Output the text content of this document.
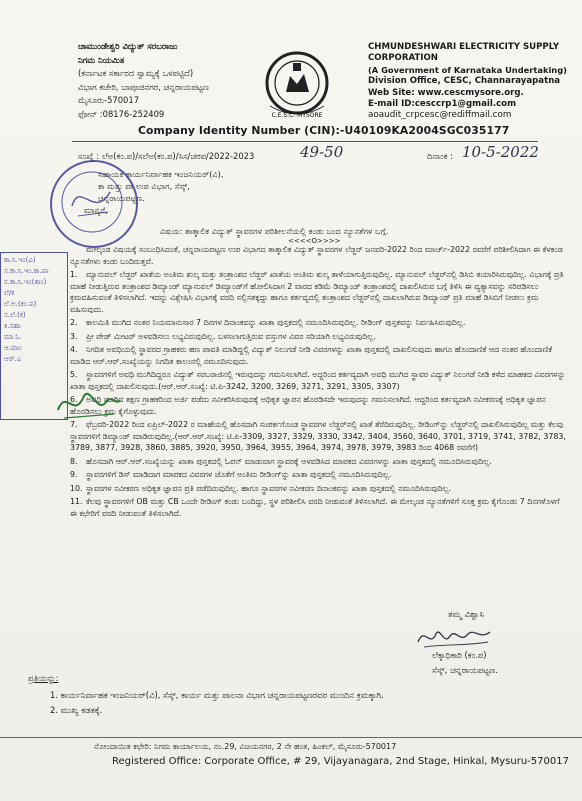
ಚಾಮುಂಡೇಶ್ವರಿ ವಿದ್ಯುತ್ ಸರಬರಾಜು
ನಿಗಮ ನಿಯಮಿತ
(ಕರ್ನಾಟಕ ಸರ್ಕಾರದ ಸ್ವಾಮ್ಯಕ್ಕೆ ಒಳಪಟ್ಟಿದೆ)
ವಿಭಾಗ ಕಚೇರಿ, ಬಾಪೂಜಿನಗರ, ಚನ್ನರಾಯಪಟ್ಟಣ
ಮೈಸೂರು-570017
ಫೋನ್ :08176-252409	C.E.S.C. MYSORE
CHMUNDESHWARI ELECTRICITY SUPPLY
CORPORATION
(A Government of Karnataka Undertaking)
Division Office, CESC, Channarayapatna
Web Site: www.cescmysore.org.
E-mail ID:cesccrp1@gmail.com
aoaudit_crpcesc@rediffmail.com
Company Identity Number (CIN):-U40109KA2004SGC035177
ಸಂಖ್ಯೆ : ಲೆಅ(ಕಂ.ಪ)/ಸಲೆಅ(ಕಂ.ಪ)/ಸಿಸ/ಚರಪ/2022-2023	49-50	ದಿನಾಂಕ : 10-5-2022
ಸಹಾಯಕ ಕಾರ್ಯನಿರ್ವಾಹಕ ಇಂಜನಿಯರ್(ವಿ),
ಕಾ ಮತ್ತು ಪಾ ಉಪ ವಿಭಾಗ, ಸೆಸ್ಕ್,
ಚನ್ನರಾಯಪಟ್ಟಣ.
ಮಾನ್ಯರೆ,
ವಿಷಯ: ತಾತ್ಕಾಲಿಕ ವಿದ್ಯುತ್ ಸ್ಥಾವರಗಳ ಪರಿಶೀಲನೆಯಲ್ಲಿ ಕಂಡು ಬಂದ ನ್ಯೂನತೆಗಳ ಬಗ್ಗೆ.
<<<<O>>>>
ಮೇಲ್ಕಂಡ ವಿಷಯಕ್ಕೆ ಸಂಬಂಧಿಸಿದಂತೆ, ಚನ್ನರಾಯಪಟ್ಟಣ ಉಪ ವಿಭಾಗದ ತಾತ್ಕಾಲಿಕ ವಿದ್ಯುತ್ ಸ್ಥಾವರಗಳ ಲೆಡ್ಜರ್ ಜನವರಿ-2022 ರಿಂದ ಮಾರ್ಚ್-2022 ರವರೆಗೆ ಪರಿಶೀಲಿಸಿದಾಗ ಈ ಕೆಳಕಂಡ ನ್ಯೂನತೆಗಳು ಕಂಡು ಬಂದಿರುತ್ತವೆ.
1. ಮ್ಯಾನುವಲ್ ಲೆಡ್ಜರ್ ಖಾತೆಯ ಅಂತಿಮ ಶುಲ್ಕ ಮತ್ತು ತಂತ್ರಾಂಶದ ಲೆಡ್ಜರ್ ಖಾತೆಯ ಅಂತಿಮ ಶುಲ್ಕ ತಾಳೆಯಾಗುತ್ತಿರುವುದಿಲ್ಲ. ಮ್ಯಾನುವಲ್ ಲೆಡ್ಜರ್‌ನಲ್ಲಿ ಡಿಸಿಬಿ ತಯಾರಿಸಿರುವುದಿಲ್ಲ. ವಿಭಾಗಕ್ಕೆ ಪ್ರತಿ ಮಾಹೆ ನೀಡುತ್ತಿರುವ ತಂತ್ರಾಂಶದ ಡಿಮ್ಯಾಂಡ್ ಮ್ಯಾನುವಲ್ ಡಿಮ್ಯಾಂಡ್‌ಗೆ ಹೋಲಿಸಿದಾಗ 2 ವಾರದ ಕಡಿಮೆ ಡಿಮ್ಯಾಂಡ್ ತಂತ್ರಾಂಶದಲ್ಲಿ ದಾಖಲಿಸಿರುವ ಬಗ್ಗೆ ತಿಳಿಸಿ ಈ ವ್ಯತ್ಯಾಸವನ್ನು ಸರಿಪಡಿಸಲು ಕ್ರಮವಹಿಸುವಂತೆ ತಿಳಿಸಲಾಗಿದೆ. ಇದನ್ನು ವಿಶ್ಲೇಷಿಸಿ ವಿಭಾಗಕ್ಕೆ ವರದಿ ಸಲ್ಲಿಸತಕ್ಕದ್ದು ಹಾಗೂ ಕರ್ತವ್ಯದಲ್ಲಿ ತಂತ್ರಾಂಶದ ಲೆಡ್ಜರ್‌ನಲ್ಲಿ ದಾಖಲಾಗಿರುವ ಡಿಮ್ಯಾಂಡ್ ಪ್ರತಿ ಮಾಹೆ ಡಿಸಿಬಿಗೆ ನೀಡಲು ಕ್ರಮ ವಹಿಸುವುದು.
2. ಕಾಲಮಿತಿ ಮುಗಿದ ನಂತರ ನಿಯಮಾನುಸಾರ 7 ದಿನಗಳ ದಿನಾಂಕವನ್ನು ಖಾತಾ ಪುಸ್ತಕದಲ್ಲಿ ನಮೂದಿಸಿರುವುದಿಲ್ಲ. ರೀಡಿಂಗ್ ಪುಸ್ತಕವನ್ನು ನಿರ್ವಹಿಸಿರುವುದಿಲ್ಲ.
3. ಪ್ರೀ ಪೇಡ್ ಮೀಟರ್ ಅಳವಡಿಸಲು ಲಭ್ಯವಿರುವುದಿಲ್ಲ. ಬಳಸಲಾಗುತ್ತಿರುವ ವಸ್ತುಗಳ ವಿವರ ಸರಿಯಾಗಿ ಲಭ್ಯವಿರುವುದಿಲ್ಲ.
4. ನಿಗದಿತ ಅವಧಿಯಲ್ಲಿ ಸ್ಥಾವರದ ಗ್ರಾಹಕರು ಹಣ ಪಾವತಿ ಮಾಡಿದ್ದಲ್ಲಿ ವಿದ್ಯುತ್ ನಿಲುಗಡೆ ನೀಡಿ ವಿವರಗಳನ್ನು ಖಾತಾ ಪುಸ್ತಕದಲ್ಲಿ ದಾಖಲಿಸುವುದು ಹಾಗೂ ಹೊಂದಾಣಿಕೆ ಆದ ನಂತರ ಹೊಂದಾಣಿಕೆ ಮಾಡಿದ ಆರ್.ಆರ್.ಸಂಖ್ಯೆಯನ್ನು ನಿಗದಿತ ಕಾಲಂನಲ್ಲಿ ನಮೂದಿಸುವುದು.
5. ಸ್ಥಾವರಗಳಿಗೆ ಅವಧಿ ಮುಗಿದಿದ್ದರೂ ವಿದ್ಯುತ್ ಸರಬರಾಜಿನಲ್ಲಿ ಇರುವುದನ್ನು ಗಮನಿಸಲಾಗಿದೆ. ಅದ್ದರಿಂದ ಕರ್ತವ್ಯದಾಗಿ ಅವಧಿ ಮುಗಿದ ಸ್ಥಾವರ ವಿದ್ಯುತ್ ನಿಲುಗಡೆ ನೀಡಿ ಕಳೆದ ಮಾಹಕದ ವಿವರಗಳನ್ನು ಖಾತಾ ಪುಸ್ತಕದಲ್ಲಿ ದಾಖಲಿಸುವುದು.(ಆರ್.ಆರ್.ಸಂಖ್ಯೆ: ಟಿ.ಪಿ-3242, 3200, 3269, 3271, 3291, 3305, 3307)
6. ಅವಧಿ ಮುಗಿದ ತಕ್ಷಣ ಗ್ರಾಹಕರಿಂದ ಅರ್ಜಿ ಪಡೆದು ನವೀಕರಿಸಿರುವುದಕ್ಕೆ ಅಧಿಕೃತ ಜ್ಞಾಪನ ಹೊರಡಿಸದೇ ಇರುವುದನ್ನು ಗಮನಿಸಲಾಗಿದೆ. ಆದ್ದರಿಂದ ಕರ್ತವ್ಯದಾಗಿ ನವೀಕರಣಕ್ಕೆ ಅಧಿಕೃತ ಜ್ಞಾಪನ ಹೊರಡಿಸಲು ಕ್ರಮ ಕೈಗೊಳ್ಳುವುದು.
7. ಫೆಬ್ರವರಿ-2022 ರಿಂದ ಏಪ್ರಿಲ್-2022 ರ ಮಾಹೆಯಲ್ಲಿ ಹೊಸದಾಗಿ ಸಂಪರ್ಕಗೊಂಡ ಸ್ಥಾವರಗಳ ಲೆಡ್ಜರ್‌ನಲ್ಲಿ ಖಾತೆ ತೆರೆದಿರುವುದಿಲ್ಲ. ರೀಡಿಂಗ್‌ನ್ನು ಲೆಡ್ಜರ್‌ನಲ್ಲಿ ದಾಖಲಿಸಿರುವುದಿಲ್ಲ ಮತ್ತು ಕೆಲವು ಸ್ಥಾವರಗಳಿಗೆ ಡಿಮ್ಯಾಂಡ್ ಮಾಡಿರುವುದಿಲ್ಲ.(ಆರ್.ಆರ್.ಸಂಖ್ಯೆ: ಟಿ.ಪಿ-3309, 3327, 3329, 3330, 3342, 3404, 3560, 3640, 3701, 3719, 3741, 3782, 3783, 3789, 3877, 3928, 3860, 3885, 3920, 3950, 3964, 3955, 3964, 3974, 3978, 3979, 3983 ರಿಂದ 4068 ರವರೆಗೆ)
8. ಹೊಸದಾಗಿ ಆರ್.ಆರ್.ಸಂಖ್ಯೆಯನ್ನು ಖಾತಾ ಪುಸ್ತಕದಲ್ಲಿ ಓಪನ್ ಮಾಡುವಾಗ ಸ್ಥಾವರಕ್ಕೆ ಅಳವಡಿಸಿದ ಮಾಪಕದ ವಿವರಗಳನ್ನು ಖಾತಾ ಪುಸ್ತಕದಲ್ಲಿ ನಮೂದಿಸಿರುವುದಿಲ್ಲ.
9. ಸ್ಥಾವರಗಳಿಗೆ ಡಿಸ್ ಮಾಡಿದಾಗ ಮಾಪಕದ ವಿವರಗಳ ಜೊತೆಗೆ ಅಂತಿಮ ರೀಡಿಂಗ್‌ನ್ನು ಖಾತಾ ಪುಸ್ತಕದಲ್ಲಿ ನಮೂದಿಸಿರುವುದಿಲ್ಲ.
10. ಸ್ಥಾವರಗಳ ನವೀಕರಣ ಅಧಿಕೃತ ಜ್ಞಾಪನ ಪ್ರತಿ ಪಡೆದಿರುವುದಿಲ್ಲ. ಹಾಗೂ ಸ್ಥಾವರಗಳ ನವೀಕರಣ ದಿನಾಂಕವನ್ನು ಖಾತಾ ಪುಸ್ತಕದಲ್ಲಿ ನಮೂದಿಸಿರುವುದಿಲ್ಲ.
11. ಕೆಲವು ಸ್ಥಾವರಗಳಿಗೆ OB ಮತ್ತು CB ಒಂದೇ ರೀಡಿಂಗ್ ಕಂಡು ಬಂದಿದ್ದು, ಸ್ಥಳ ಪರಿಶೀಲಿಸಿ ವರದಿ ನೀಡುವಂತೆ ತಿಳಿಸಲಾಗಿದೆ. ಈ ಮೇಲ್ಕಂಡ ನ್ಯೂನತೆಗಳಿಗೆ ಸೂಕ್ತ ಕ್ರಮ ಕೈಗೊಂಡು 7 ದಿನಗಳೊಳಗೆ ಈ ಕಛೇರಿಗೆ ವರದಿ ನೀಡುವಂತೆ ತಿಳಿಸಲಾಗಿದೆ.
ತಮ್ಮ ವಿಶ್ವಾಸಿ
ಲೆಕ್ಕಾಧಿಕಾರಿ (ಕಂ.ಪ)
ಸೆಸ್ಕ್, ಚನ್ನರಾಯಪಟ್ಟಣ.
ಪ್ರತಿಯನ್ನು:
1. ಕಾರ್ಯನಿರ್ವಾಹಕ ಇಂಜನಿಯರ್(ವಿ), ಸೆಸ್ಕ್, ಕಾರ್ಯ ಮತ್ತು ಪಾಲನಾ ವಿಭಾಗ ಚನ್ನರಾಯಪಟ್ಟಣರವರ ಮುಂದಿನ ಕ್ರಮಕ್ಕಾಗಿ.
2. ಮುಖ್ಯ ಕಡತಕ್ಕೆ.
ನೋಂದಾಯಿತ ಕಛೇರಿ: ನಿಗಮ ಕಾರ್ಯಾಲಯ, ನಂ.29, ವಿಜಯನಗರ, 2 ನೇ ಹಂತ, ಹಿಂಕಲ್, ಮೈಸೂರು-570017
Registered Office: Corporate Office, # 29, Vijayanagara, 2nd Stage, Hinkal, Mysuru-570017
ಕಾ.ನಿ.ಇಂ(ವಿ)
ಸ.ಕಾ.ನಿ.ಇಂ.ಕಾ.ಪಾ
ಸ.ಕಾ.ನಿ.ಇಂ(ತಾಂ)
ಲೆ/ಕ
ಲೆ.ಅ.(ಕಂ.ಪ)
ಸ.ಲೆ.(ಕ)
ಕಿ.ಸಹಾ
ಮಾ.ಓ
ಆ.ಪಾಲ
ಆರ್.ಎ
